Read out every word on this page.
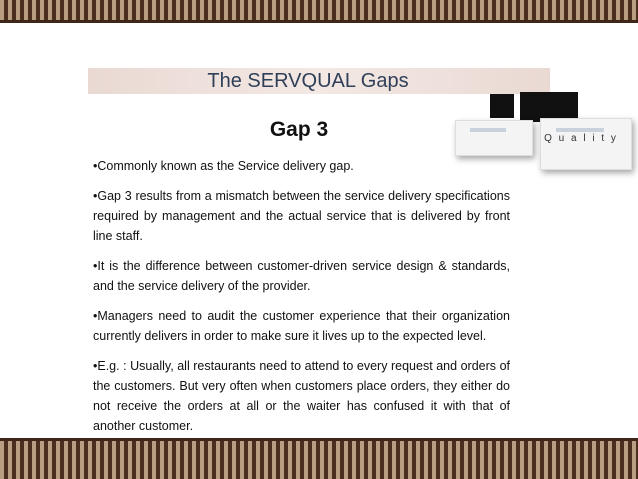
The SERVQUAL Gaps
Q u a l i t y
Gap 3

•Commonly known as the Service delivery gap.

•Gap 3 results from a mismatch between the service delivery specifications required by management and the actual service that is delivered by front line staff.

•It is the difference between customer-driven service design & standards, and the service delivery of the provider.

•Managers need to audit the customer experience that their organization currently delivers in order to make sure it lives up to the expected level.

•E.g. : Usually, all restaurants need to attend to every request and orders of the customers. But very often when customers place orders, they either do not receive the orders at all or the waiter has confused it with that of another customer.
